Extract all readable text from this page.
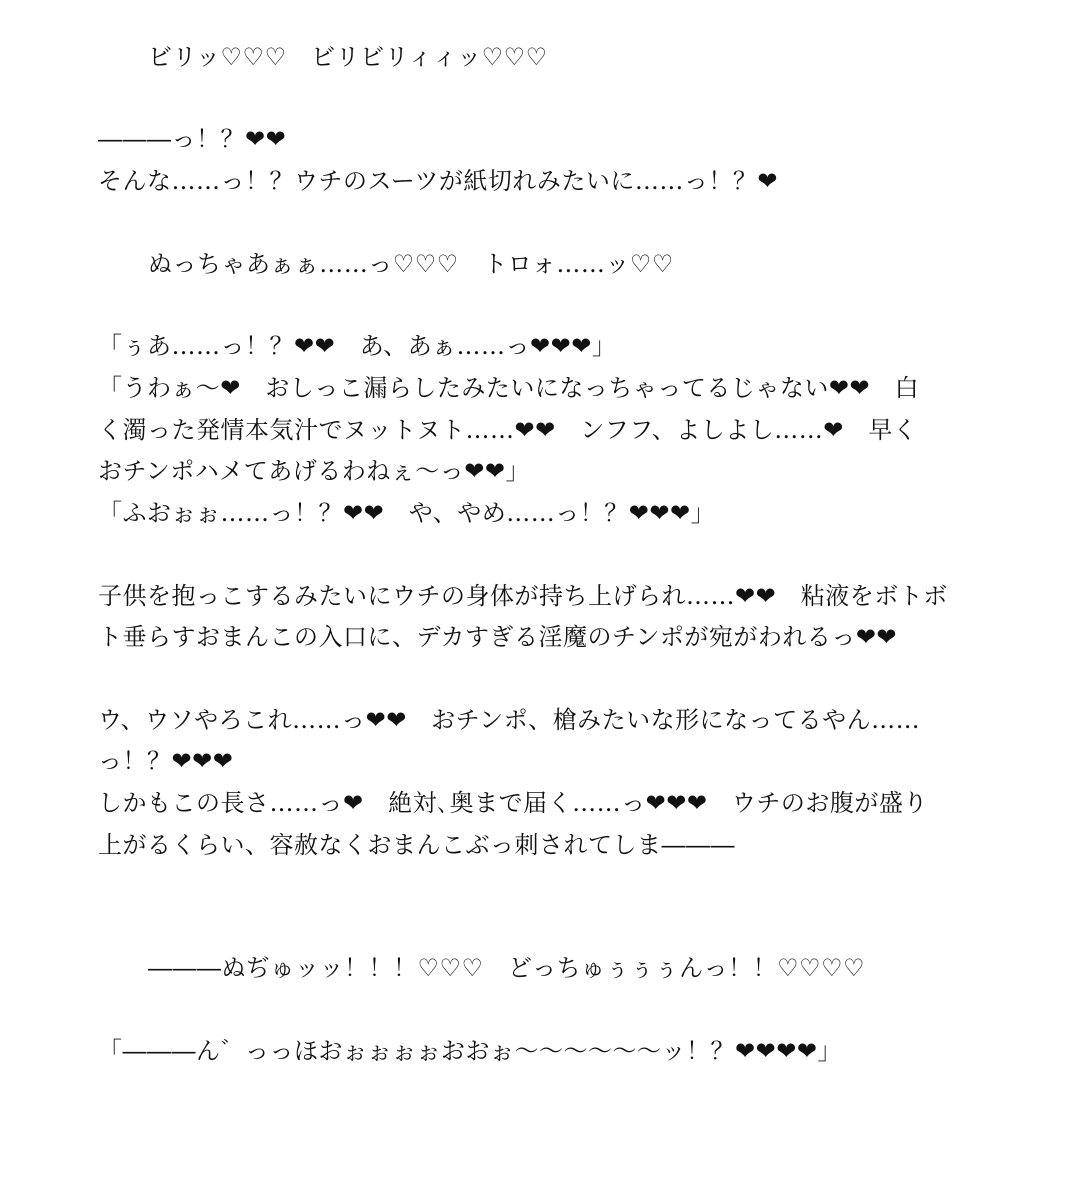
ビリッ♡♡♡　ビリビリィィッ♡♡♡
―――っ！？❤❤
そんな……っ！？ウチのスーツが紙切れみたいに……っ！？❤
ぬっちゃあぁぁ……っ♡♡♡　トロォ……ッ♡♡
「ぅあ……っ！？❤❤　あ、あぁ……っ❤❤❤」
「うわぁ～❤　おしっこ漏らしたみたいになっちゃってるじゃない❤❤　白
く濁った発情本気汁でヌットヌト……❤❤　ンフフ、よしよし……❤　早く
おチンポハメてあげるわねぇ～っ❤❤」
「ふおぉぉ……っ！？❤❤　や、やめ……っ！？❤❤❤」
子供を抱っこするみたいにウチの身体が持ち上げられ……❤❤　粘液をボトボ
ト垂らすおまんこの入口に、デカすぎる淫魔のチンポが宛がわれるっ❤❤
ウ、ウソやろこれ……っ❤❤　おチンポ、槍みたいな形になってるやん……
っ！？❤❤❤
しかもこの長さ……っ❤　絶対､奥まで届く……っ❤❤❤　ウチのお腹が盛り
上がるくらい、容赦なくおまんこぶっ刺されてしま―――
―――ぬぢゅッッ！！！♡♡♡　どっちゅぅぅぅんっ！！♡♡♡♡
「―――ん゛っっほおぉぉぉぉおおぉ～～～～～～ッ！？❤❤❤❤」
